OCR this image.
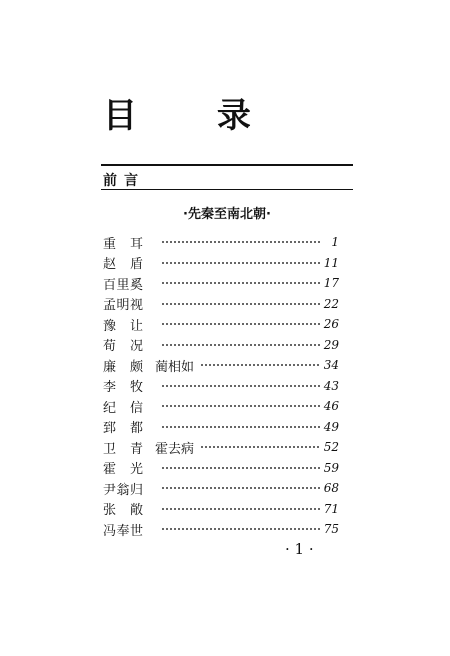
目 录
前言
·先秦至南北朝·
重耳	1
赵盾	11
百里奚	17
孟明视	22
豫让	26
荀况	29
廉颇 蔺相如	34
李牧	43
纪信	46
郅都	49
卫青 霍去病	52
霍光	59
尹翁归	68
张敞	71
冯奉世	75
· 1 ·
